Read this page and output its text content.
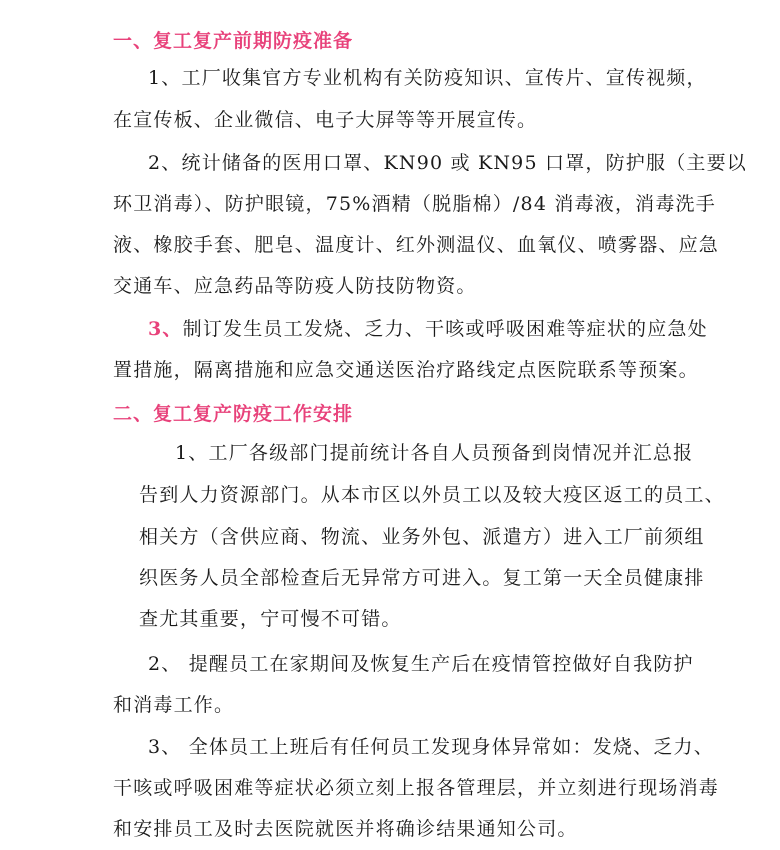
一、复工复产前期防疫准备
1、工厂收集官方专业机构有关防疫知识、宣传片、宣传视频，
在宣传板、企业微信、电子大屏等等开展宣传。
2、统计储备的医用口罩、KN90 或 KN95 口罩，防护服（主要以
环卫消毒）、防护眼镜，75%酒精（脱脂棉）/84 消毒液，消毒洗手
液、橡胶手套、肥皂、温度计、红外测温仪、血氧仪、喷雾器、应急
交通车、应急药品等防疫人防技防物资。
3、制订发生员工发烧、乏力、干咳或呼吸困难等症状的应急处
置措施，隔离措施和应急交通送医治疗路线定点医院联系等预案。
二、复工复产防疫工作安排
1、工厂各级部门提前统计各自人员预备到岗情况并汇总报
告到人力资源部门。从本市区以外员工以及较大疫区返工的员工、
相关方（含供应商、物流、业务外包、派遣方）进入工厂前须组
织医务人员全部检查后无异常方可进入。复工第一天全员健康排
查尤其重要，宁可慢不可错。
2、 提醒员工在家期间及恢复生产后在疫情管控做好自我防护
和消毒工作。
3、 全体员工上班后有任何员工发现身体异常如：发烧、乏力、
干咳或呼吸困难等症状必须立刻上报各管理层，并立刻进行现场消毒
和安排员工及时去医院就医并将确诊结果通知公司。
